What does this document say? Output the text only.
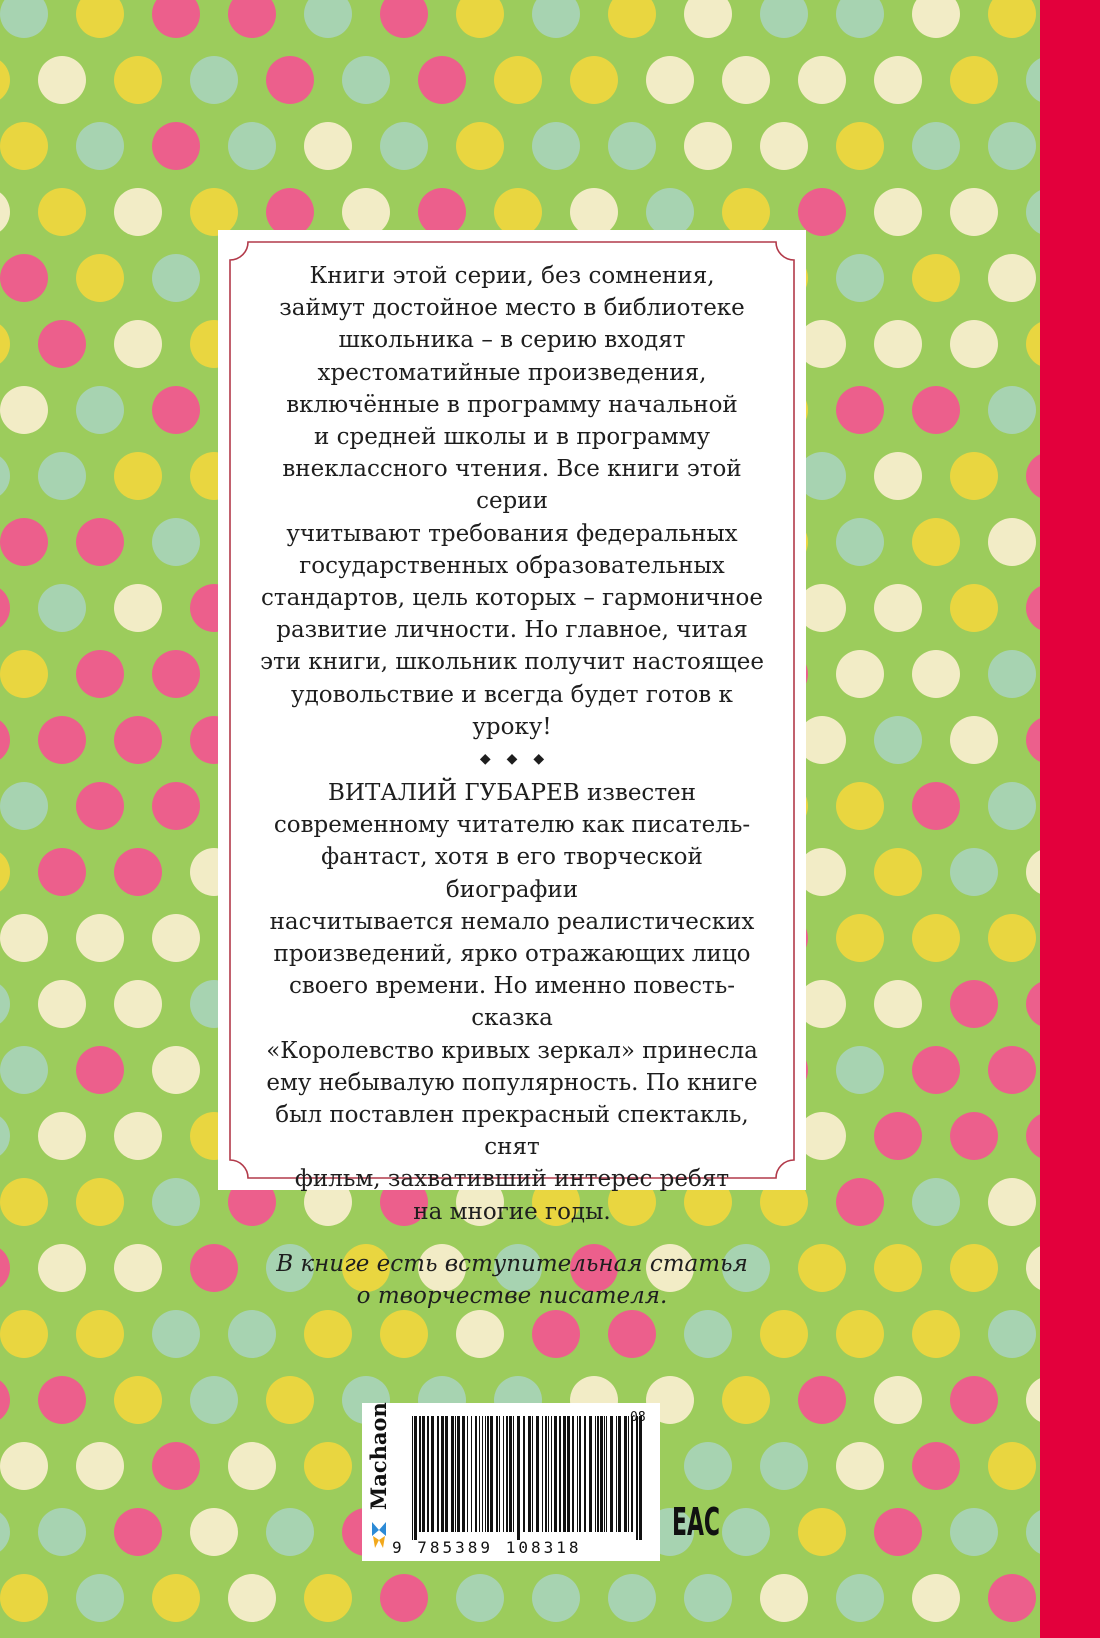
Книги этой серии, без сомнения,
займут достойное место в библиотеке
школьника – в серию входят
хрестоматийные произведения,
включённые в программу начальной
и средней школы и в программу
внеклассного чтения. Все книги этой серии
учитывают требования федеральных
государственных образовательных
стандартов, цель которых – гармоничное
развитие личности. Но главное, читая
эти книги, школьник получит настоящее
удовольствие и всегда будет готов к уроку!

◆◆◆

ВИТАЛИЙ ГУБАРЕВ известен
современному читателю как писатель-
фантаст, хотя в его творческой биографии
насчитывается немало реалистических
произведений, ярко отражающих лицо
своего времени. Но именно повесть-сказка
«Королевство кривых зеркал» принесла
ему небывалую популярность. По книге
был поставлен прекрасный спектакль, снят
фильм, захвативший интерес ребят
на многие годы.

В книге есть вступительная статья
о творчестве писателя.

Machaon
9 785389 108318
08
EAC
